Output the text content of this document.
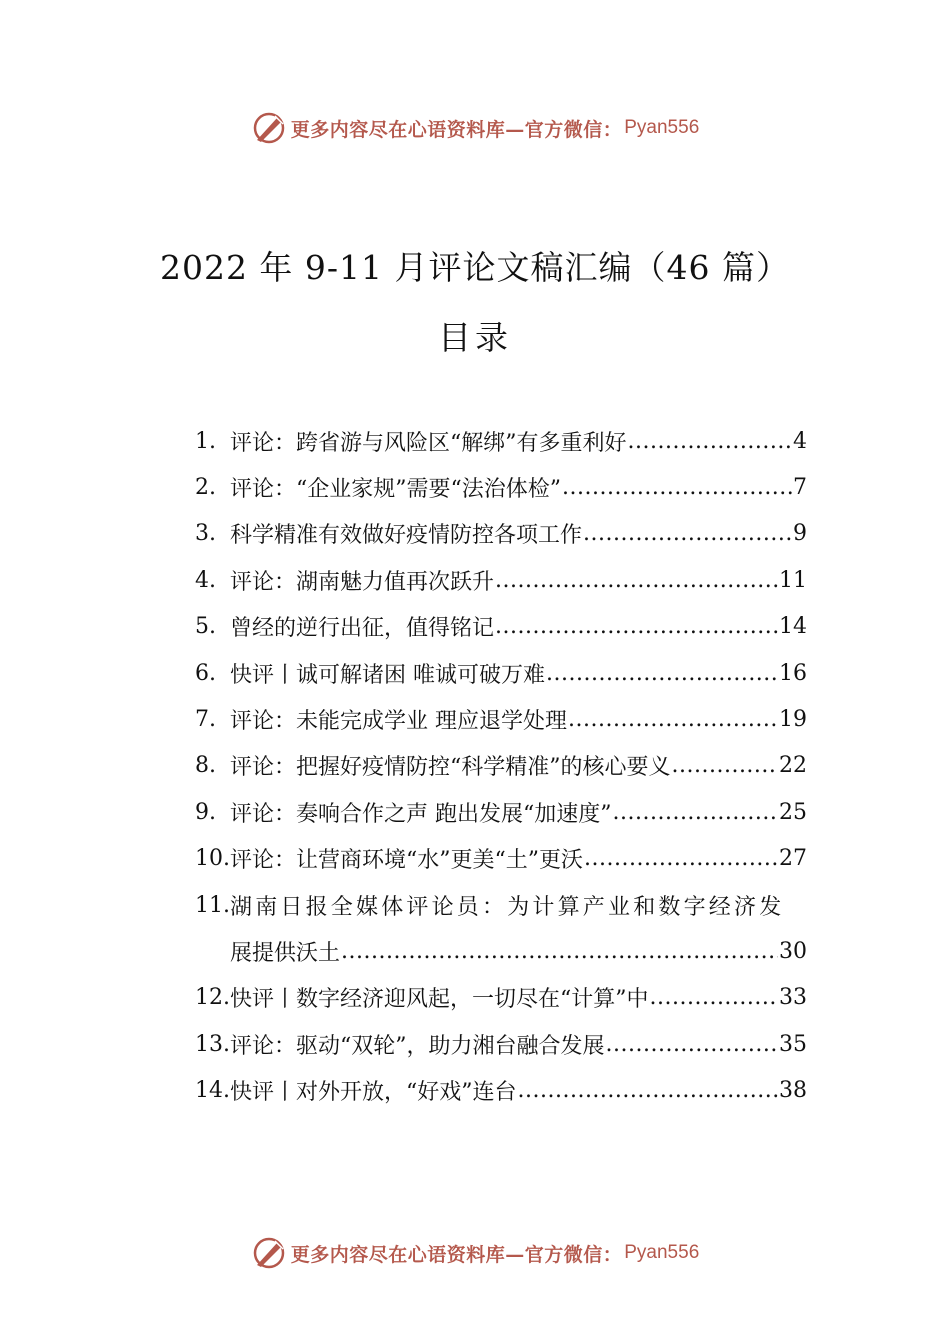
更多内容尽在心语资料库—官方微信： Pyan556
2022 年 9-11 月评论文稿汇编（46 篇）
目录
1. 评论：跨省游与风险区“解绑”有多重利好 .....	4
2. 评论：“企业家规”需要“法治体检” .....	7
3. 科学精准有效做好疫情防控各项工作 .....	9
4. 评论：湖南魅力值再次跃升 .....	11
5. 曾经的逆行出征，值得铭记 .....	14
6. 快评丨诚可解诸困 唯诚可破万难 .....	16
7. 评论：未能完成学业 理应退学处理 .....	19
8. 评论：把握好疫情防控“科学精准”的核心要义 .....	22
9. 评论：奏响合作之声 跑出发展“加速度” .....	25
10. 评论：让营商环境“水”更美“土”更沃 .....	27
11. 湖南日报全媒体评论员：为计算产业和数字经济发
展提供沃土 .....	30
12. 快评丨数字经济迎风起，一切尽在“计算”中 .....	33
13. 评论：驱动“双轮”，助力湘台融合发展 .....	35
14. 快评丨对外开放，“好戏”连台 .....	38
更多内容尽在心语资料库—官方微信： Pyan556
